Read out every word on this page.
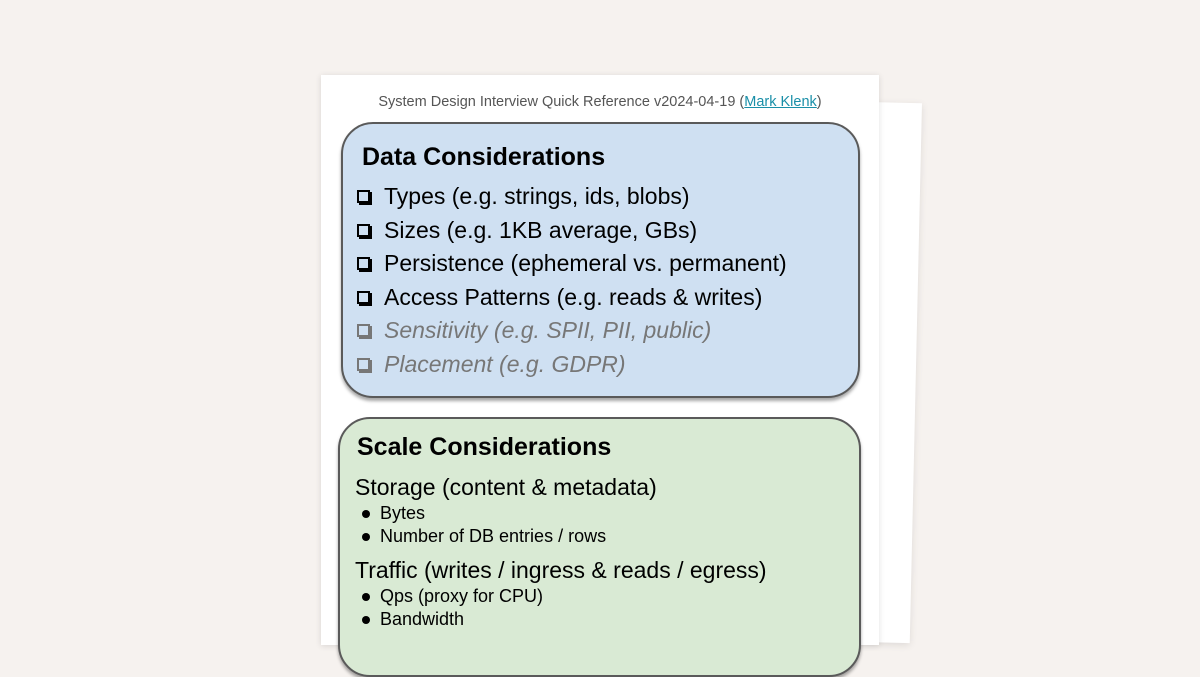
System Design Interview Quick Reference v2024-04-19 (Mark Klenk)
Data Considerations
Types (e.g. strings, ids, blobs)
Sizes (e.g. 1KB average, GBs)
Persistence (ephemeral vs. permanent)
Access Patterns (e.g. reads & writes)
Sensitivity (e.g. SPII, PII, public)
Placement (e.g. GDPR)
Scale Considerations
Storage (content & metadata)
Bytes
Number of DB entries / rows
Traffic (writes / ingress & reads / egress)
Qps (proxy for CPU)
Bandwidth
